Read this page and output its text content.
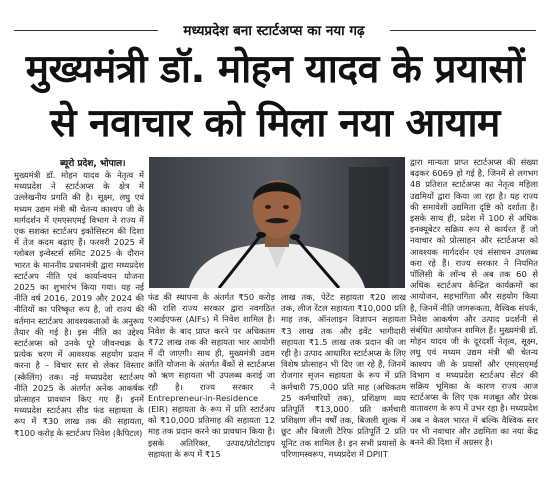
मध्यप्रदेश बना स्टार्टअप्स का नया गढ़
मुख्यमंत्री डॉ. मोहन यादव के प्रयासों
से नवाचार को मिला नया आयाम
ब्यूरो प्रदेश, भोपाल।

मुख्यमंत्री डॉ. मोहन यादव के नेतृत्व में मध्यप्रदेश ने स्टार्टअप्स के क्षेत्र में उल्लेखनीय प्रगति की है। सूक्ष्म, लघु एवं मध्यम उद्यम मंत्री श्री चेतन्य काश्यप जी के मार्गदर्शन में एमएसएमई विभाग ने राज्य में एक सशक्त स्टार्टअप इकोसिस्टम की दिशा में तेज कदम बढ़ाए हैं। फरवरी 2025 में ग्लोबल इन्वेस्टर्स समिट 2025 के दौरान भारत के माननीय प्रधानमंत्री द्वारा मध्यप्रदेश स्टार्टअप नीति एवं कार्यान्वयन योजना 2025 का शुभारंभ किया गया। यह नई नीति वर्ष 2016, 2019 और 2024 की नीतियों का परिष्कृत रूप है, जो राज्य की वर्तमान स्टार्टअप आवश्यकताओं के अनुरूप तैयार की गई है। इस नीति का उद्देश्य स्टार्टअप्स को उनके पूरे जीवनचक्र के प्रत्येक चरण में आवश्यक सहयोग प्रदान करना है – विचार स्तर से लेकर विस्तार (स्केलिंग) तक। नई मध्यप्रदेश स्टार्टअप नीति 2025 के अंतर्गत अनेक आकर्षक प्रोत्साहन प्रावधान किए गए हैं। इनमें मध्यप्रदेश स्टार्टअप सीड फंड सहायता के रूप में ₹30 लाख तक की सहायता, ₹100 करोड़ के स्टार्टअप निवेश (कैपिटल)

फंड की स्थापना के अंतर्गत ₹50 करोड़ की राशि राज्य सरकार द्वारा नवगठित एआईएफस (AIFs) में निवेश शामिल है। निवेश के बाद प्राप्त करने पर अधिकतम ₹72 लाख तक की सहायता भार आयोगी में दी जाएगी। साथ ही, मुख्यमंत्री उद्यम क्रांति योजना के अंतर्गत बैंकों से स्टार्टअप्स को ऋण सहायता भी उपलब्ध कराई जा रही है। राज्य सरकार ने Entrepreneur-in-Residence (EIR) सहायता के रूप में प्रति स्टार्टअप को ₹10,000 प्रतिमाह की सहायता 12 माह तक प्रदान करने का प्रावधान किया है। इसके अतिरिक्त, उत्पाद/प्रोटोटाइप सहायता के रूप में ₹15

लाख तक, पेटेंट सहायता ₹20 लाख तक, लीज रेंटल सहायता ₹10,000 प्रति माह तक, ऑनलाइन विज्ञापन सहायता ₹3 लाख तक और इवेंट भागीदारी सहायता ₹1.5 लाख तक प्रदान की जा रही है। उत्पाद आधारित स्टार्टअप्स के लिए विशेष प्रोत्साहन भी दिए जा रहे हैं, जिनमें रोजगार सृजन सहायता के रूप में प्रति कर्मचारी 75,000 प्रति माह (अधिकतम 25 कर्मचारियों तक), प्रशिक्षण व्यय प्रतिपूर्ति ₹13,000 प्रति कर्मचारी प्रशिक्षण लीन वर्षों तक, बिजली शुल्क में छूट और बिजली टैरिफ प्रतिपूर्ति 2 प्रति यूनिट तक शामिल है। इन सभी प्रयासों के परिणामस्वरूप, मध्यप्रदेश में DPIIT

द्वारा मान्यता प्राप्त स्टार्टअप्स की संख्या बढ़कर 6069 हो गई है, जिनमें से लगभग 48 प्रतिशत स्टार्टअप्स का नेतृत्व महिला उद्यमियों द्वारा किया जा रहा है। यह राज्य की समावेशी उद्यमिता दृष्टि को दर्शाता है। इसके साथ ही, प्रदेश में 100 से अधिक इनक्यूबेटर सक्रिय रूप से कार्यरत हैं जो नवाचार को प्रोत्साहन और स्टार्टअप्स को आवश्यक मार्गदर्शन एवं संसाधन उपलब्ध करा रहे हैं। राज्य सरकार ने नियमित पॉलिसी के लॉन्च से अब तक 60 से अधिक स्टार्टअप केन्द्रित कार्यक्रमों का आयोजन, सहभागिता और सहयोग किया है, जिनमें नीति जागरूकता, वैश्विक संपर्क, निवेश आकर्षण और उत्पाद प्रदर्शनी से संबंधित आयोजन शामिल हैं। मुख्यमंत्री डॉ. मोहन यादव जी के दूरदर्शी नेतृत्व, सूक्ष्म, लघु एवं मध्यम उद्यम मंत्री श्री चेतन्य काश्यप जी के प्रयासों और एमएसएमई विभाग व मध्यप्रदेश स्टार्टअप सेंटर की सक्रिय भूमिका के कारण राज्य आज स्टार्टअप्स के लिए एक मजबूत और प्रेरक वातावरण के रूप में उभर रहा है। मध्यप्रदेश अब न केवल भारत में बल्कि वैश्विक स्तर पर भी नवाचार और उद्यमिता का नया केंद्र बनने की दिशा में अग्रसर है।
